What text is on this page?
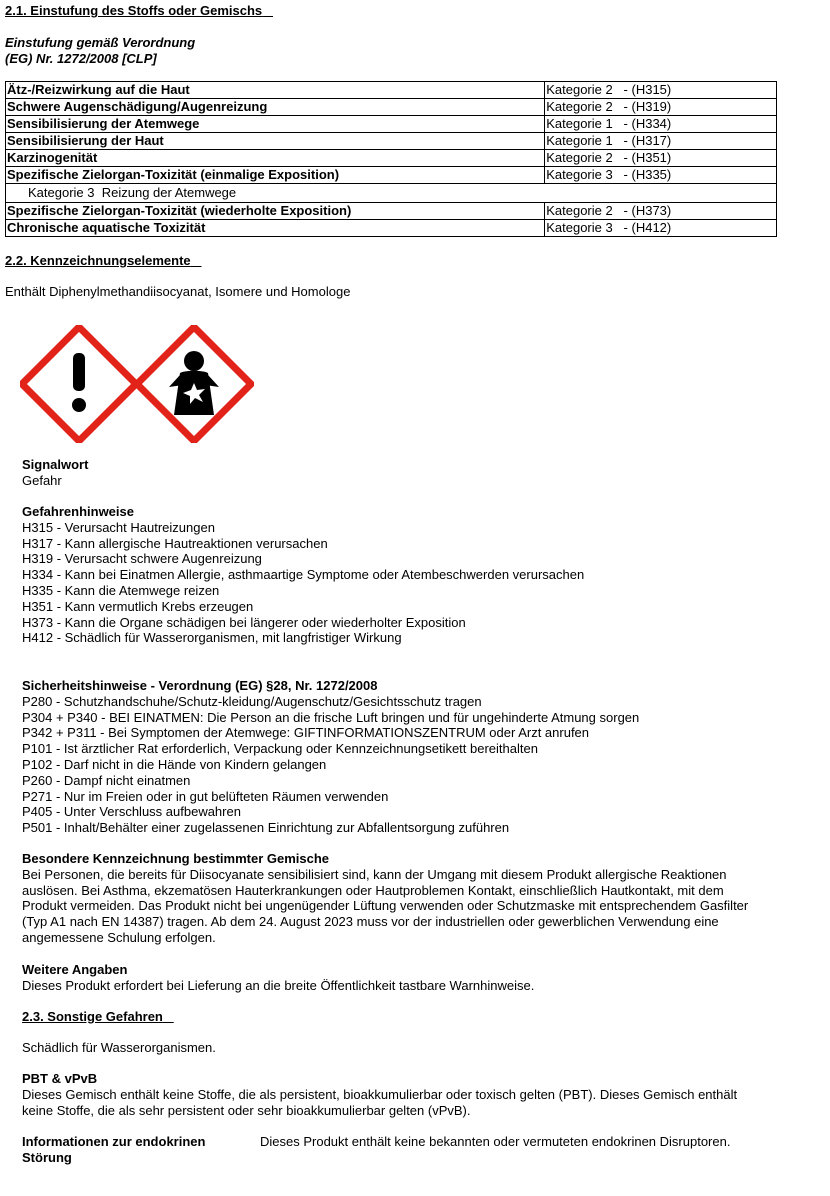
2.1. Einstufung des Stoffs oder Gemischs
Einstufung gemäß Verordnung
(EG) Nr. 1272/2008 [CLP]
Ätz-/Reizwirkung auf die Haut	Kategorie 2   - (H315)
Schwere Augenschädigung/Augenreizung	Kategorie 2   - (H319)
Sensibilisierung der Atemwege	Kategorie 1   - (H334)
Sensibilisierung der Haut	Kategorie 1   - (H317)
Karzinogenität	Kategorie 2   - (H351)
Spezifische Zielorgan-Toxizität (einmalige Exposition)	Kategorie 3   - (H335)
Kategorie 3 Reizung der Atemwege	
Spezifische Zielorgan-Toxizität (wiederholte Exposition)	Kategorie 2   - (H373)
Chronische aquatische Toxizität	Kategorie 3   - (H412)
2.2. Kennzeichnungselemente
Enthält Diphenylmethandiisocyanat, Isomere und Homologe
Signalwort
Gefahr
Gefahrenhinweise
H315 - Verursacht Hautreizungen
H317 - Kann allergische Hautreaktionen verursachen
H319 - Verursacht schwere Augenreizung
H334 - Kann bei Einatmen Allergie, asthmaartige Symptome oder Atembeschwerden verursachen
H335 - Kann die Atemwege reizen
H351 - Kann vermutlich Krebs erzeugen
H373 - Kann die Organe schädigen bei längerer oder wiederholter Exposition
H412 - Schädlich für Wasserorganismen, mit langfristiger Wirkung
Sicherheitshinweise - Verordnung (EG) §28, Nr. 1272/2008
P280 - Schutzhandschuhe/Schutz-kleidung/Augenschutz/Gesichtsschutz tragen
P304 + P340 - BEI EINATMEN: Die Person an die frische Luft bringen und für ungehinderte Atmung sorgen
P342 + P311 - Bei Symptomen der Atemwege: GIFTINFORMATIONSZENTRUM oder Arzt anrufen
P101 - Ist ärztlicher Rat erforderlich, Verpackung oder Kennzeichnungsetikett bereithalten
P102 - Darf nicht in die Hände von Kindern gelangen
P260 - Dampf nicht einatmen
P271 - Nur im Freien oder in gut belüfteten Räumen verwenden
P405 - Unter Verschluss aufbewahren
P501 - Inhalt/Behälter einer zugelassenen Einrichtung zur Abfallentsorgung zuführen
Besondere Kennzeichnung bestimmter Gemische
Bei Personen, die bereits für Diisocyanate sensibilisiert sind, kann der Umgang mit diesem Produkt allergische Reaktionen
auslösen. Bei Asthma, ekzematösen Hauterkrankungen oder Hautproblemen Kontakt, einschließlich Hautkontakt, mit dem
Produkt vermeiden. Das Produkt nicht bei ungenügender Lüftung verwenden oder Schutzmaske mit entsprechendem Gasfilter
(Typ A1 nach EN 14387) tragen. Ab dem 24. August 2023 muss vor der industriellen oder gewerblichen Verwendung eine
angemessene Schulung erfolgen.
Weitere Angaben
Dieses Produkt erfordert bei Lieferung an die breite Öffentlichkeit tastbare Warnhinweise.
2.3. Sonstige Gefahren
Schädlich für Wasserorganismen.
PBT & vPvB
Dieses Gemisch enthält keine Stoffe, die als persistent, bioakkumulierbar oder toxisch gelten (PBT). Dieses Gemisch enthält
keine Stoffe, die als sehr persistent oder sehr bioakkumulierbar gelten (vPvB).
Informationen zur endokrinen
Störung
Dieses Produkt enthält keine bekannten oder vermuteten endokrinen Disruptoren.
